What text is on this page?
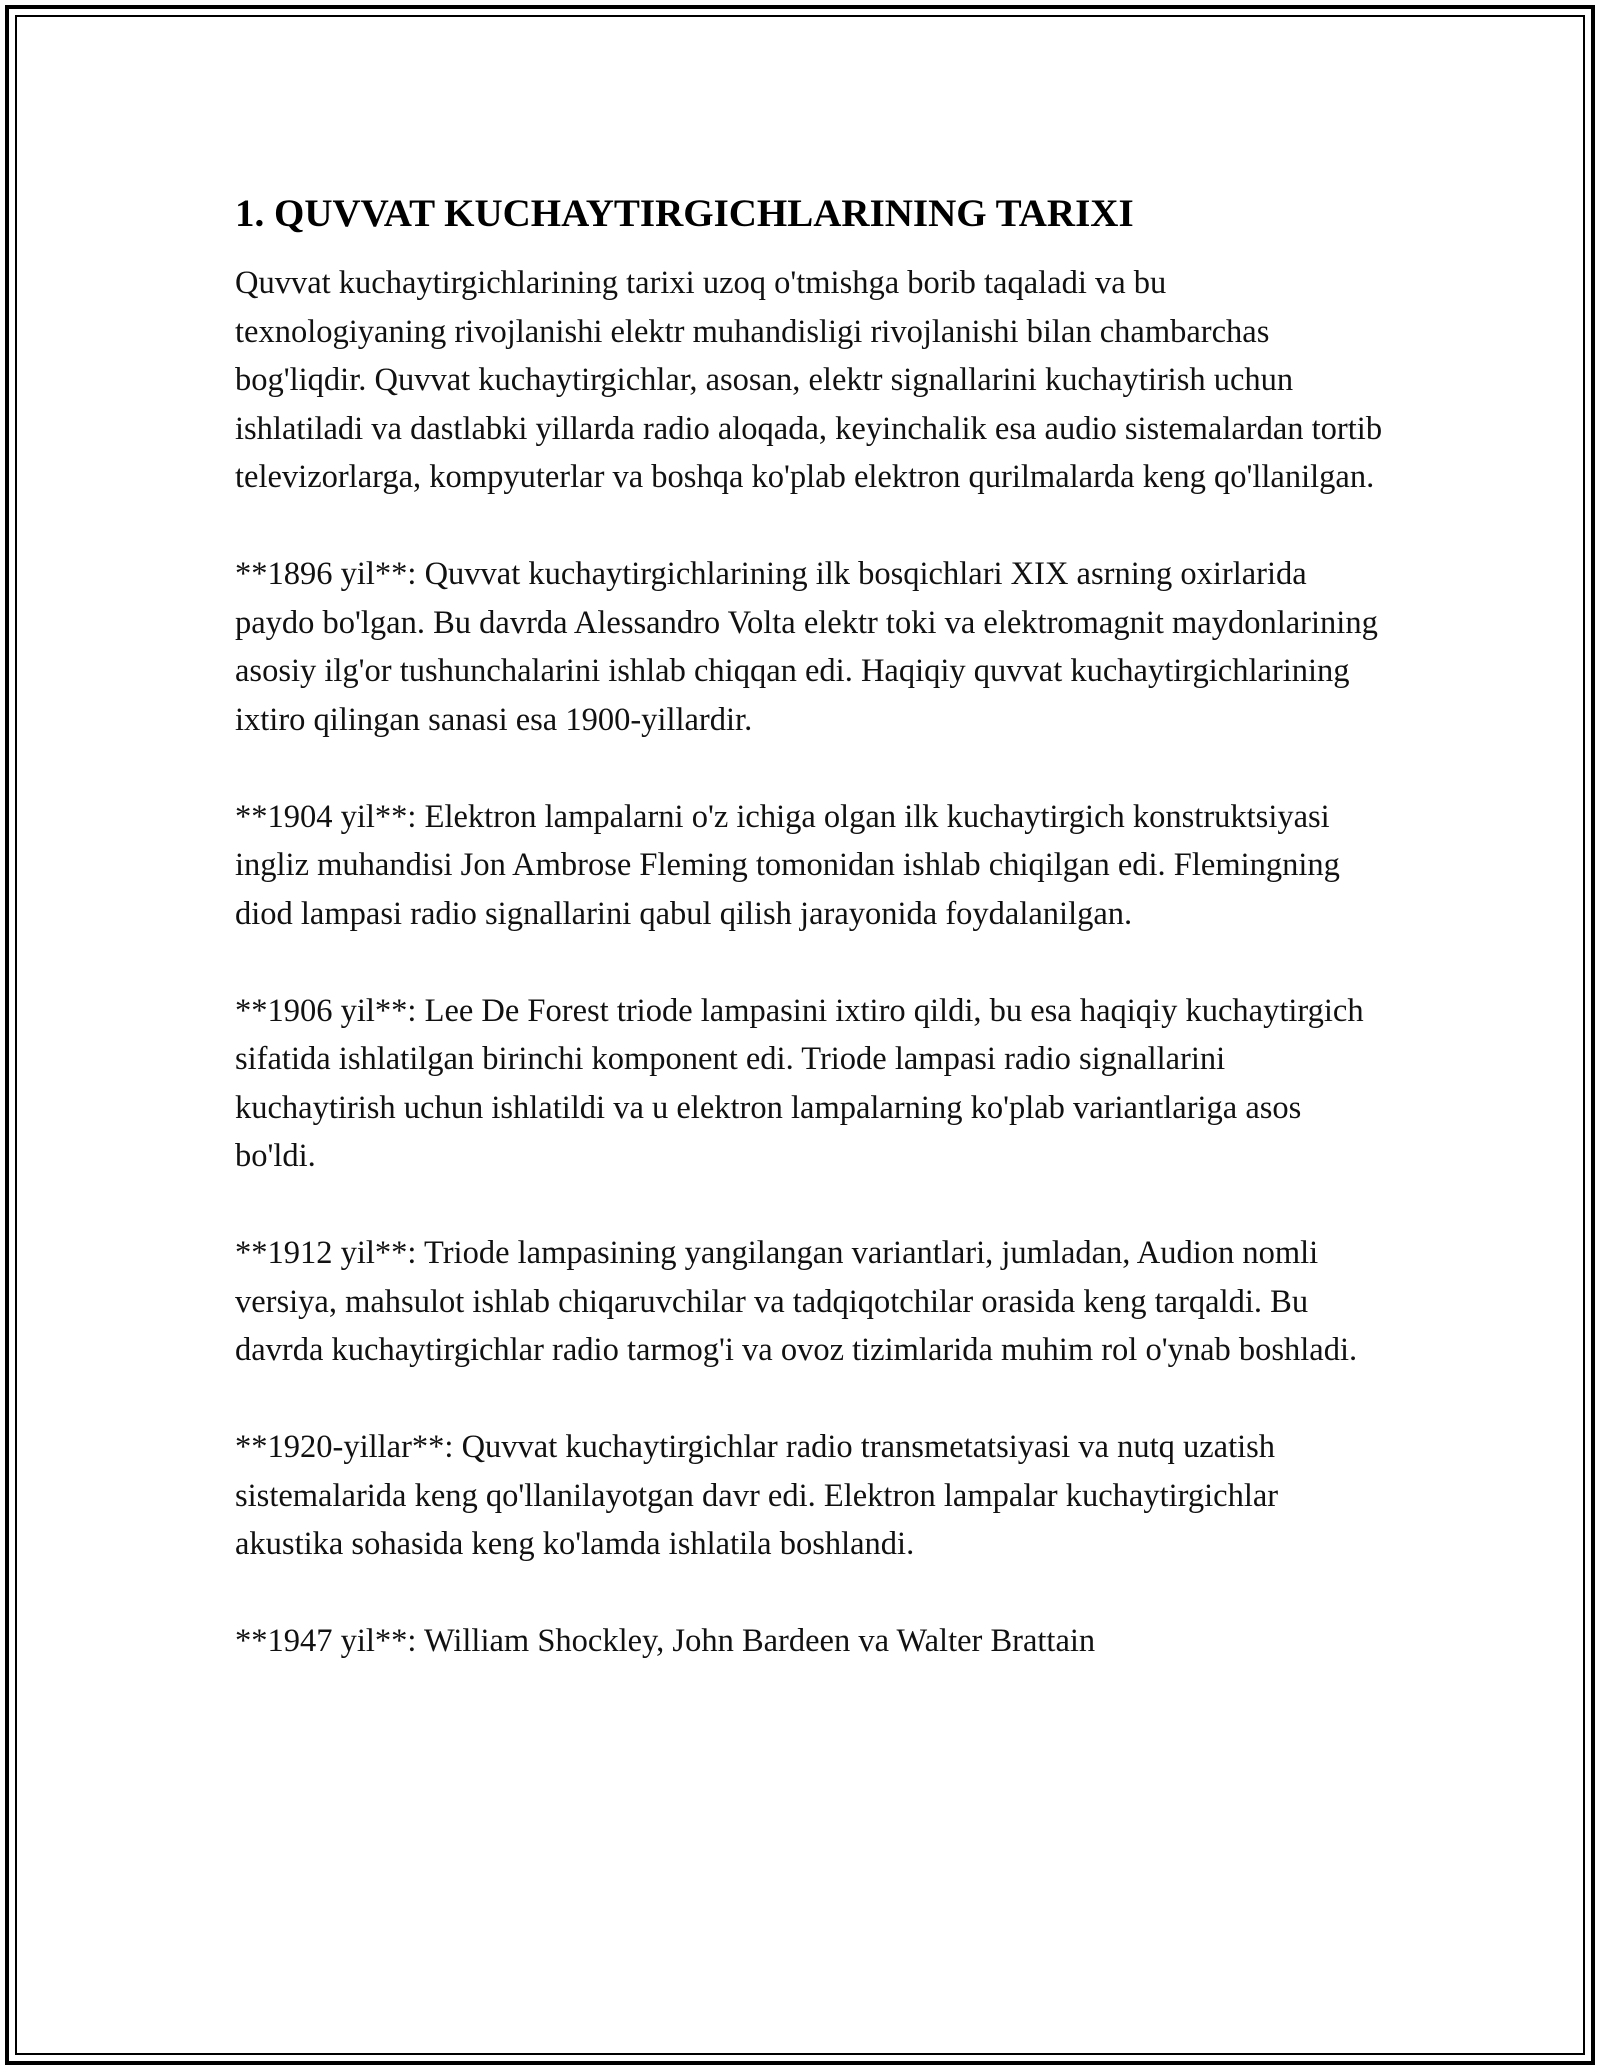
1. QUVVAT KUCHAYTIRGICHLARINING TARIXI

Quvvat kuchaytirgichlarining tarixi uzoq o'tmishga borib taqaladi va bu texnologiyaning rivojlanishi elektr muhandisligi rivojlanishi bilan chambarchas bog'liqdir. Quvvat kuchaytirgichlar, asosan, elektr signallarini kuchaytirish uchun ishlatiladi va dastlabki yillarda radio aloqada, keyinchalik esa audio sistemalardan tortib televizorlarga, kompyuterlar va boshqa ko'plab elektron qurilmalarda keng qo'llanilgan.

**1896 yil**: Quvvat kuchaytirgichlarining ilk bosqichlari XIX asrning oxirlarida paydo bo'lgan. Bu davrda Alessandro Volta elektr toki va elektromagnit maydonlarining asosiy ilg'or tushunchalarini ishlab chiqqan edi. Haqiqiy quvvat kuchaytirgichlarining ixtiro qilingan sanasi esa 1900-yillardir.

**1904 yil**: Elektron lampalarni o'z ichiga olgan ilk kuchaytirgich konstruktsiyasi ingliz muhandisi Jon Ambrose Fleming tomonidan ishlab chiqilgan edi. Flemingning diod lampasi radio signallarini qabul qilish jarayonida foydalanilgan.

**1906 yil**: Lee De Forest triode lampasini ixtiro qildi, bu esa haqiqiy kuchaytirgich sifatida ishlatilgan birinchi komponent edi. Triode lampasi radio signallarini kuchaytirish uchun ishlatildi va u elektron lampalarning ko'plab variantlariga asos bo'ldi.

**1912 yil**: Triode lampasining yangilangan variantlari, jumladan, Audion nomli versiya, mahsulot ishlab chiqaruvchilar va tadqiqotchilar orasida keng tarqaldi. Bu davrda kuchaytirgichlar radio tarmog'i va ovoz tizimlarida muhim rol o'ynab boshladi.

**1920-yillar**: Quvvat kuchaytirgichlar radio transmetatsiyasi va nutq uzatish sistemalarida keng qo'llanilayotgan davr edi. Elektron lampalar kuchaytirgichlar akustika sohasida keng ko'lamda ishlatila boshlandi.

**1947 yil**: William Shockley, John Bardeen va Walter Brattain
